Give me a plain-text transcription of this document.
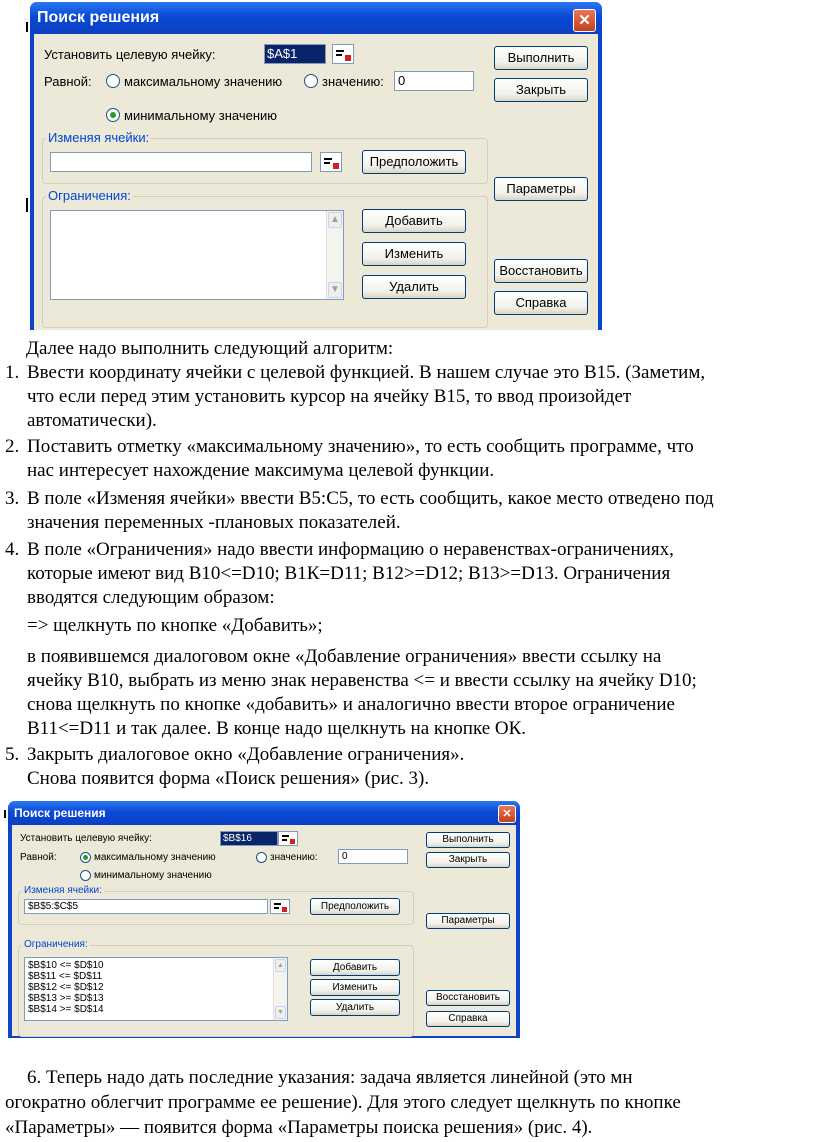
Поиск решения	✕
Установить целевую ячейку:	$A$1
Равной: максимальному значению	значению:	0
минимальному значению
Изменяя ячейки:
Предположить
Ограничения:
▲
▼
Добавить
Изменить
Удалить
Выполнить
Закрыть
Параметры
Восстановить
Справка
Далее надо выполнить следующий алгоритм:
1. Ввести координату ячейки с целевой функцией. В нашем случае это В15. (Заметим,
что если перед этим установить курсор на ячейку В15, то ввод произойдет
автоматически).
2. Поставить отметку «максимальному значению», то есть сообщить программе, что
нас интересует нахождение максимума целевой функции.
3. В поле «Изменяя ячейки» ввести В5:С5, то есть сообщить, какое место отведено под
значения переменных -плановых показателей.
4. В поле «Ограничения» надо ввести информацию о неравенствах-ограничениях,
которые имеют вид В10<=D10; В1К=D11; В12>=D12; В13>=D13. Ограничения
вводятся следующим образом:
=> щелкнуть по кнопке «Добавить»;
в появившемся диалоговом окне «Добавление ограничения» ввести ссылку на
ячейку В10, выбрать из меню знак неравенства <= и ввести ссылку на ячейку D10;
снова щелкнуть по кнопке «добавить» и аналогично ввести второе ограничение
В11<=D11 и так далее. В конце надо щелкнуть на кнопке ОК.
5. Закрыть диалоговое окно «Добавление ограничения».
Снова появится форма «Поиск решения» (рис. 3).
Поиск решения	✕
Установить целевую ячейку:	$B$16
Равной:	максимальному значению	значению:	0
минимальному значению
Изменяя ячейки:
$B$5:$C$5	Предположить
Ограничения:
$B$10 <= $D$10
$B$11 <= $D$11
$B$12 <= $D$12
$B$13 >= $D$13
$B$14 >= $D$14
▲
▼
Добавить
Изменить
Удалить
Выполнить
Закрыть
Параметры
Восстановить
Справка
6. Теперь надо дать последние указания: задача является линейной (это мн
огократно облегчит программе ее решение). Для этого следует щелкнуть по кнопке
«Параметры» — появится форма «Параметры поиска решения» (рис. 4).
